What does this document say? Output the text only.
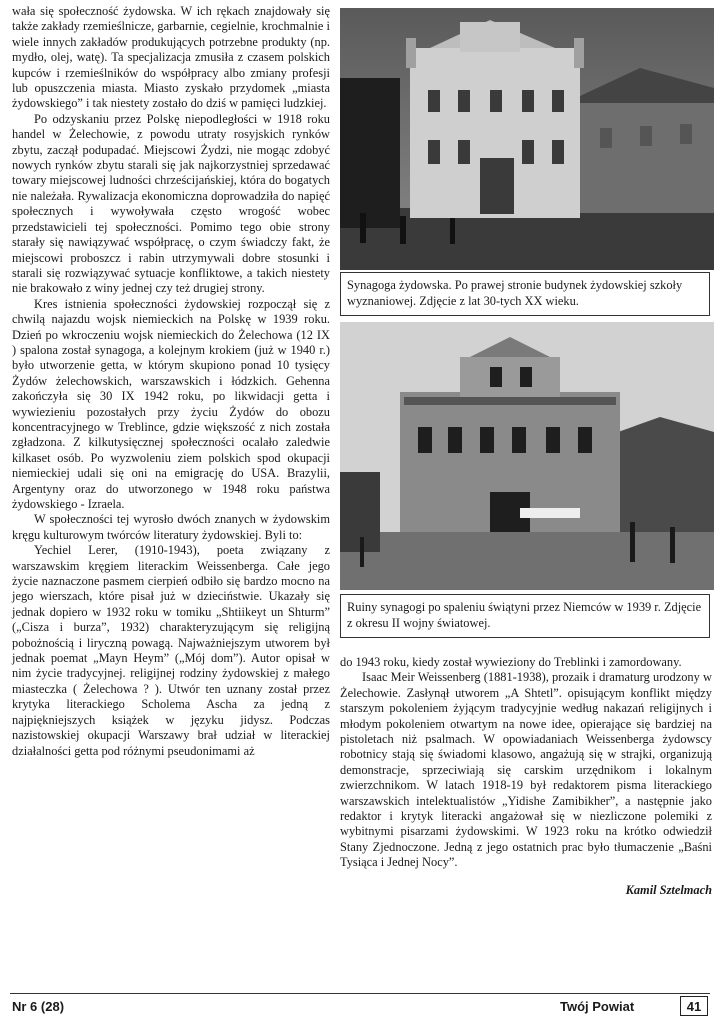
wała się społeczność żydowska. W ich rękach znajdowały się także zakłady rzemieślnicze, garbarnie, cegielnie, krochmalnie i wiele innych zakładów produkujących potrzebne produkty (np. mydło, olej, watę). Ta specjalizacja zmusiła z czasem polskich kupców i rzemieślników do współpracy albo zmiany profesji lub opuszczenia miasta. Miasto zyskało przydomek „miasta żydowskiego” i tak niestety zostało do dziś w pamięci ludzkiej.

Po odzyskaniu przez Polskę niepodległości w 1918 roku handel w Żelechowie, z powodu utraty rosyjskich rynków zbytu, zaczął podupadać. Miejscowi Żydzi, nie mogąc zdobyć nowych rynków zbytu starali się jak najkorzystniej sprzedawać towary miejscowej ludności chrześcijańskiej, która do bogatych nie należała. Rywalizacja ekonomiczna doprowadziła do napięć społecznych i wywoływała często wrogość wobec przedstawicieli tej społeczności. Pomimo tego obie strony starały się nawiązywać współpracę, o czym świadczy fakt, że miejscowi proboszcz i rabin utrzymywali dobre stosunki i starali się rozwiązywać sytuacje konfliktowe, a takich niestety nie brakowało z winy jednej czy też drugiej strony.

Kres istnienia społeczności żydowskiej rozpoczął się z chwilą najazdu wojsk niemieckich na Polskę w 1939 roku. Dzień po wkroczeniu wojsk niemieckich do Żelechowa (12 IX ) spalona został synagoga, a kolejnym krokiem (już w 1940 r.) było utworzenie getta, w którym skupiono ponad 10 tysięcy Żydów żelechowskich, warszawskich i łódzkich. Gehenna zakończyła się 30 IX 1942 roku, po likwidacji getta i wywiezieniu pozostałych przy życiu Żydów do obozu koncentracyjnego w Treblince, gdzie większość z nich została zgładzona. Z kilkutysięcznej społeczności ocalało zaledwie kilkaset osób. Po wyzwoleniu ziem polskich spod okupacji niemieckiej udali się oni na emigrację do USA. Brazylii, Argentyny oraz do utworzonego w 1948 roku państwa żydowskiego - Izraela.

W społeczności tej wyrosło dwóch znanych w żydowskim kręgu kulturowym twórców literatury żydowskiej. Byli to:

Yechiel Lerer, (1910-1943), poeta związany z warszawskim kręgiem literackim Weissenberga. Całe jego życie naznaczone pasmem cierpień odbiło się bardzo mocno na jego wierszach, które pisał już w dzieciństwie. Ukazały się jednak dopiero w 1932 roku w tomiku „Shtiikeyt un Shturm” („Cisza i burza”, 1932) charakteryzującym się religijną pobożnością i liryczną powagą. Najważniejszym utworem był jednak poemat „Mayn Heym” („Mój dom”). Autor opisał w nim życie tradycyjnej. religijnej rodziny żydowskiej z małego miasteczka ( Żelechowa ? ). Utwór ten uznany został przez krytyka literackiego Scholema Ascha za jedną z najpiękniejszych książek w języku jidysz. Podczas nazistowskiej okupacji Warszawy brał udział w literackiej działalności getta pod różnymi pseudonimami aż

Synagoga żydowska. Po prawej stronie budynek żydowskiej szkoły wyznaniowej. Zdjęcie z lat 30-tych XX wieku.
Ruiny synagogi po spaleniu świątyni przez Niemców w 1939 r. Zdjęcie z okresu II wojny światowej.

do 1943 roku, kiedy został wywieziony do Treblinki i zamordowany.

Isaac Meir Weissenberg (1881-1938), prozaik i dramaturg urodzony w Żelechowie. Zasłynął utworem „A Shtetl”. opisującym konflikt między starszym pokoleniem żyjącym tradycyjnie według nakazań religijnych i młodym pokoleniem otwartym na nowe idee, opierające się bardziej na pistoletach niż psalmach. W opowiadaniach Weissenberga żydowscy robotnicy stają się świadomi klasowo, angażują się w strajki, organizują demonstracje, sprzeciwiają się carskim urzędnikom i lokalnym zwierzchnikom. W latach 1918-19 był redaktorem pisma literackiego warszawskich intelektualistów „Yidishe Zamibikher”, a następnie jako redaktor i krytyk literacki angażował się w niezliczone polemiki z wybitnymi pisarzami żydowskimi. W 1923 roku na krótko odwiedził Stany Zjednoczone. Jedną z jego ostatnich prac było tłumaczenie „Baśni Tysiąca i Jednej Nocy”.

Kamil Sztelmach

Nr 6 (28)	Twój Powiat	41
